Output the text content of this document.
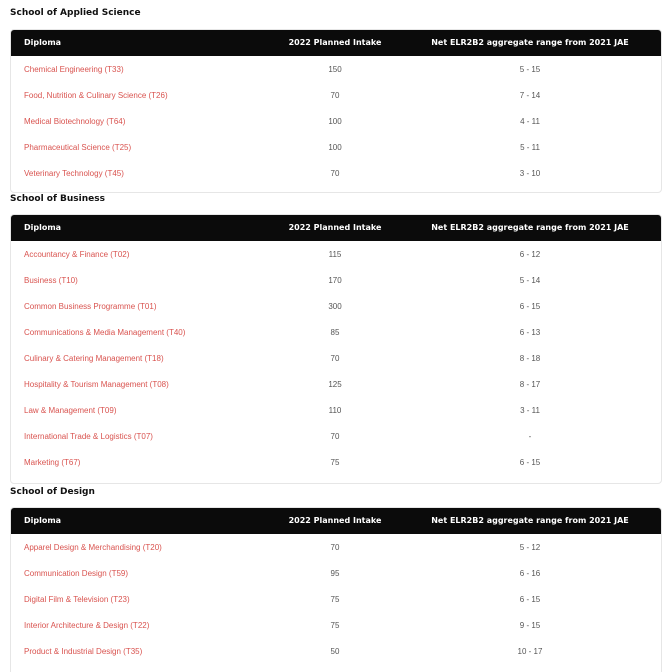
School of Applied Science
Diploma	2022 Planned Intake	Net ELR2B2 aggregate range from 2021 JAE
Chemical Engineering (T33)	150	5 - 15
Food, Nutrition & Culinary Science (T26)	70	7 - 14
Medical Biotechnology (T64)	100	4 - 11
Pharmaceutical Science (T25)	100	5 - 11
Veterinary Technology (T45)	70	3 - 10
School of Business
Diploma	2022 Planned Intake	Net ELR2B2 aggregate range from 2021 JAE
Accountancy & Finance (T02)	115	6 - 12
Business (T10)	170	5 - 14
Common Business Programme (T01)	300	6 - 15
Communications & Media Management (T40)	85	6 - 13
Culinary & Catering Management (T18)	70	8 - 18
Hospitality & Tourism Management (T08)	125	8 - 17
Law & Management (T09)	110	3 - 11
International Trade & Logistics (T07)	70	-
Marketing (T67)	75	6 - 15
School of Design
Diploma	2022 Planned Intake	Net ELR2B2 aggregate range from 2021 JAE
Apparel Design & Merchandising (T20)	70	5 - 12
Communication Design (T59)	95	6 - 16
Digital Film & Television (T23)	75	6 - 15
Interior Architecture & Design (T22)	75	9 - 15
Product & Industrial Design (T35)	50	10 - 17
